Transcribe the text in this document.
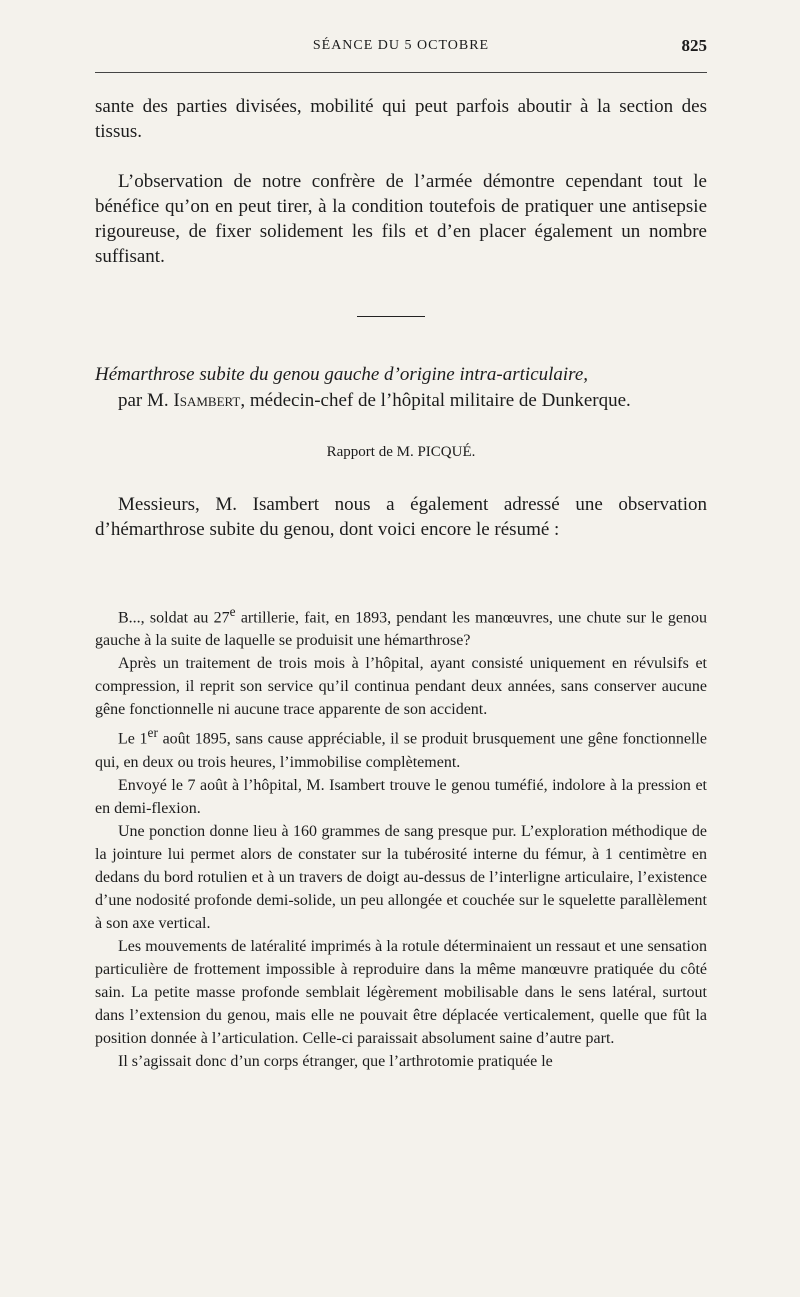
SÉANCE DU 5 OCTOBRE	825

sante des parties divisées, mobilité qui peut parfois aboutir à la section des tissus.

L’observation de notre confrère de l’armée démontre cependant tout le bénéfice qu’on en peut tirer, à la condition toutefois de pratiquer une antisepsie rigoureuse, de fixer solidement les fils et d’en placer également un nombre suffisant.

Hémarthrose subite du genou gauche d’origine intra-articulaire,
par M. Isambert, médecin-chef de l’hôpital militaire de Dunkerque.
Rapport de M. PICQUÉ.

Messieurs, M. Isambert nous a également adressé une observation d’hémarthrose subite du genou, dont voici encore le résumé :

B..., soldat au 27e artillerie, fait, en 1893, pendant les manœuvres, une chute sur le genou gauche à la suite de laquelle se produisit une hémarthrose?

Après un traitement de trois mois à l’hôpital, ayant consisté uniquement en révulsifs et compression, il reprit son service qu’il continua pendant deux années, sans conserver aucune gêne fonctionnelle ni aucune trace apparente de son accident.

Le 1er août 1895, sans cause appréciable, il se produit brusquement une gêne fonctionnelle qui, en deux ou trois heures, l’immobilise complètement.

Envoyé le 7 août à l’hôpital, M. Isambert trouve le genou tuméfié, indolore à la pression et en demi-flexion.

Une ponction donne lieu à 160 grammes de sang presque pur. L’exploration méthodique de la jointure lui permet alors de constater sur la tubérosité interne du fémur, à 1 centimètre en dedans du bord rotulien et à un travers de doigt au-dessus de l’interligne articulaire, l’existence d’une nodosité profonde demi-solide, un peu allongée et couchée sur le squelette parallèlement à son axe vertical.

Les mouvements de latéralité imprimés à la rotule déterminaient un ressaut et une sensation particulière de frottement impossible à reproduire dans la même manœuvre pratiquée du côté sain. La petite masse profonde semblait légèrement mobilisable dans le sens latéral, surtout dans l’extension du genou, mais elle ne pouvait être déplacée verticalement, quelle que fût la position donnée à l’articulation. Celle-ci paraissait absolument saine d’autre part.

Il s’agissait donc d’un corps étranger, que l’arthrotomie pratiquée le
